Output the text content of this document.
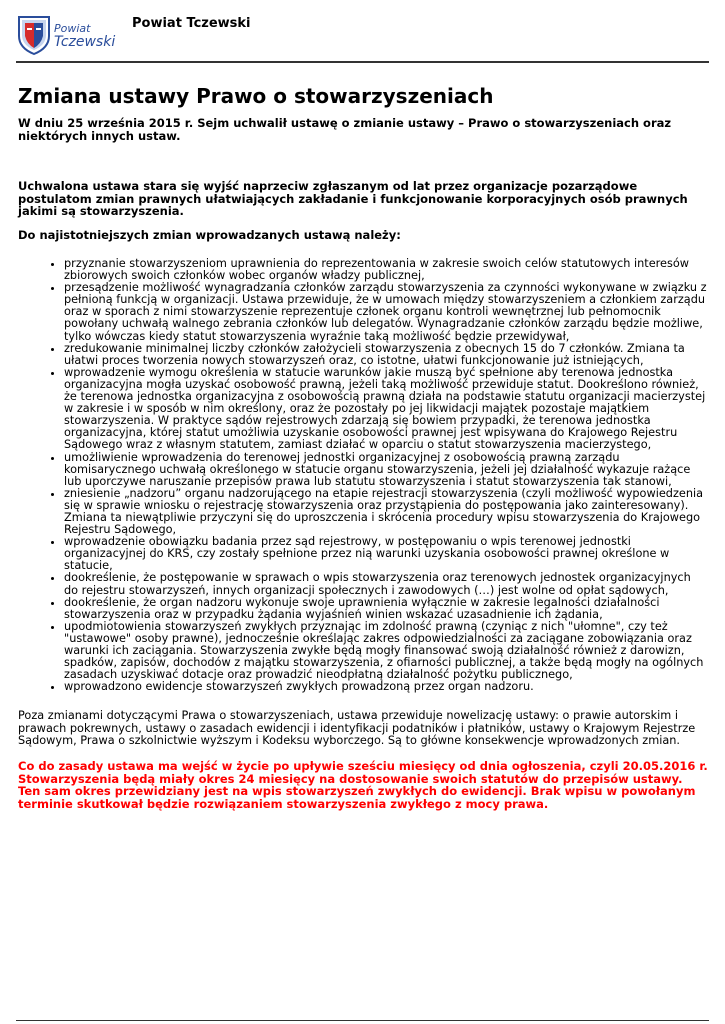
Powiat
Tczewski
Powiat Tczewski
Zmiana ustawy Prawo o stowarzyszeniach

W dniu 25 września 2015 r. Sejm uchwalił ustawę o zmianie ustawy – Prawo o stowarzyszeniach oraz niektórych innych ustaw.

Uchwalona ustawa stara się wyjść naprzeciw zgłaszanym od lat przez organizacje pozarządowe postulatom zmian prawnych ułatwiających zakładanie i funkcjonowanie korporacyjnych osób prawnych jakimi są stowarzyszenia.

Do najistotniejszych zmian wprowadzanych ustawą należy:

• przyznanie stowarzyszeniom uprawnienia do reprezentowania w zakresie swoich celów statutowych interesów zbiorowych swoich członków wobec organów władzy publicznej,
• przesądzenie możliwość wynagradzania członków zarządu stowarzyszenia za czynności wykonywane w związku z pełnioną funkcją w organizacji. Ustawa przewiduje, że w umowach między stowarzyszeniem a członkiem zarządu oraz w sporach z nimi stowarzyszenie reprezentuje członek organu kontroli wewnętrznej lub pełnomocnik powołany uchwałą walnego zebrania członków lub delegatów. Wynagradzanie członków zarządu będzie możliwe, tylko wówczas kiedy statut stowarzyszenia wyraźnie taką możliwość będzie przewidywał,
• zredukowanie minimalnej liczby członków założycieli stowarzyszenia z obecnych 15 do 7 członków. Zmiana ta ułatwi proces tworzenia nowych stowarzyszeń oraz, co istotne, ułatwi funkcjonowanie już istniejących,
• wprowadzenie wymogu określenia w statucie warunków jakie muszą być spełnione aby terenowa jednostka organizacyjna mogła uzyskać osobowość prawną, jeżeli taką możliwość przewiduje statut. Dookreślono również, że terenowa jednostka organizacyjna z osobowością prawną działa na podstawie statutu organizacji macierzystej w zakresie i w sposób w nim określony, oraz że pozostały po jej likwidacji majątek pozostaje majątkiem stowarzyszenia. W praktyce sądów rejestrowych zdarzają się bowiem przypadki, że terenowa jednostka organizacyjna, której statut umożliwia uzyskanie osobowości prawnej jest wpisywana do Krajowego Rejestru Sądowego wraz z własnym statutem, zamiast działać w oparciu o statut stowarzyszenia macierzystego,
• umożliwienie wprowadzenia do terenowej jednostki organizacyjnej z osobowością prawną zarządu komisarycznego uchwałą określonego w statucie organu stowarzyszenia, jeżeli jej działalność wykazuje rażące lub uporczywe naruszanie przepisów prawa lub statutu stowarzyszenia i statut stowarzyszenia tak stanowi,
• zniesienie „nadzoru” organu nadzorującego na etapie rejestracji stowarzyszenia (czyli możliwość wypowiedzenia się w sprawie wniosku o rejestrację stowarzyszenia oraz przystąpienia do postępowania jako zainteresowany). Zmiana ta niewątpliwie przyczyni się do uproszczenia i skrócenia procedury wpisu stowarzyszenia do Krajowego Rejestru Sądowego,
• wprowadzenie obowiązku badania przez sąd rejestrowy, w postępowaniu o wpis terenowej jednostki organizacyjnej do KRS, czy zostały spełnione przez nią warunki uzyskania osobowości prawnej określone w statucie,
• dookreślenie, że postępowanie w sprawach o wpis stowarzyszenia oraz terenowych jednostek organizacyjnych do rejestru stowarzyszeń, innych organizacji społecznych i zawodowych (…) jest wolne od opłat sądowych,
• dookreślenie, że organ nadzoru wykonuje swoje uprawnienia wyłącznie w zakresie legalności działalności stowarzyszenia oraz w przypadku żądania wyjaśnień winien wskazać uzasadnienie ich żądania,
• upodmiotowienia stowarzyszeń zwykłych przyznając im zdolność prawną (czyniąc z nich "ułomne", czy też "ustawowe" osoby prawne), jednocześnie określając zakres odpowiedzialności za zaciągane zobowiązania oraz warunki ich zaciągania. Stowarzyszenia zwykłe będą mogły finansować swoją działalność również z darowizn, spadków, zapisów, dochodów z majątku stowarzyszenia, z ofiarności publicznej, a także będą mogły na ogólnych zasadach uzyskiwać dotacje oraz prowadzić nieodpłatną działalność pożytku publicznego,
• wprowadzono ewidencje stowarzyszeń zwykłych prowadzoną przez organ nadzoru.

Poza zmianami dotyczącymi Prawa o stowarzyszeniach, ustawa przewiduje nowelizację ustawy: o prawie autorskim i prawach pokrewnych, ustawy o zasadach ewidencji i identyfikacji podatników i płatników, ustawy o Krajowym Rejestrze Sądowym, Prawa o szkolnictwie wyższym i Kodeksu wyborczego. Są to główne konsekwencje wprowadzonych zmian.

Co do zasady ustawa ma wejść w życie po upływie sześciu miesięcy od dnia ogłoszenia, czyli 20.05.2016 r. Stowarzyszenia będą miały okres 24 miesięcy na dostosowanie swoich statutów do przepisów ustawy. Ten sam okres przewidziany jest na wpis stowarzyszeń zwykłych do ewidencji. Brak wpisu w powołanym terminie skutkował będzie rozwiązaniem stowarzyszenia zwykłego z mocy prawa.
